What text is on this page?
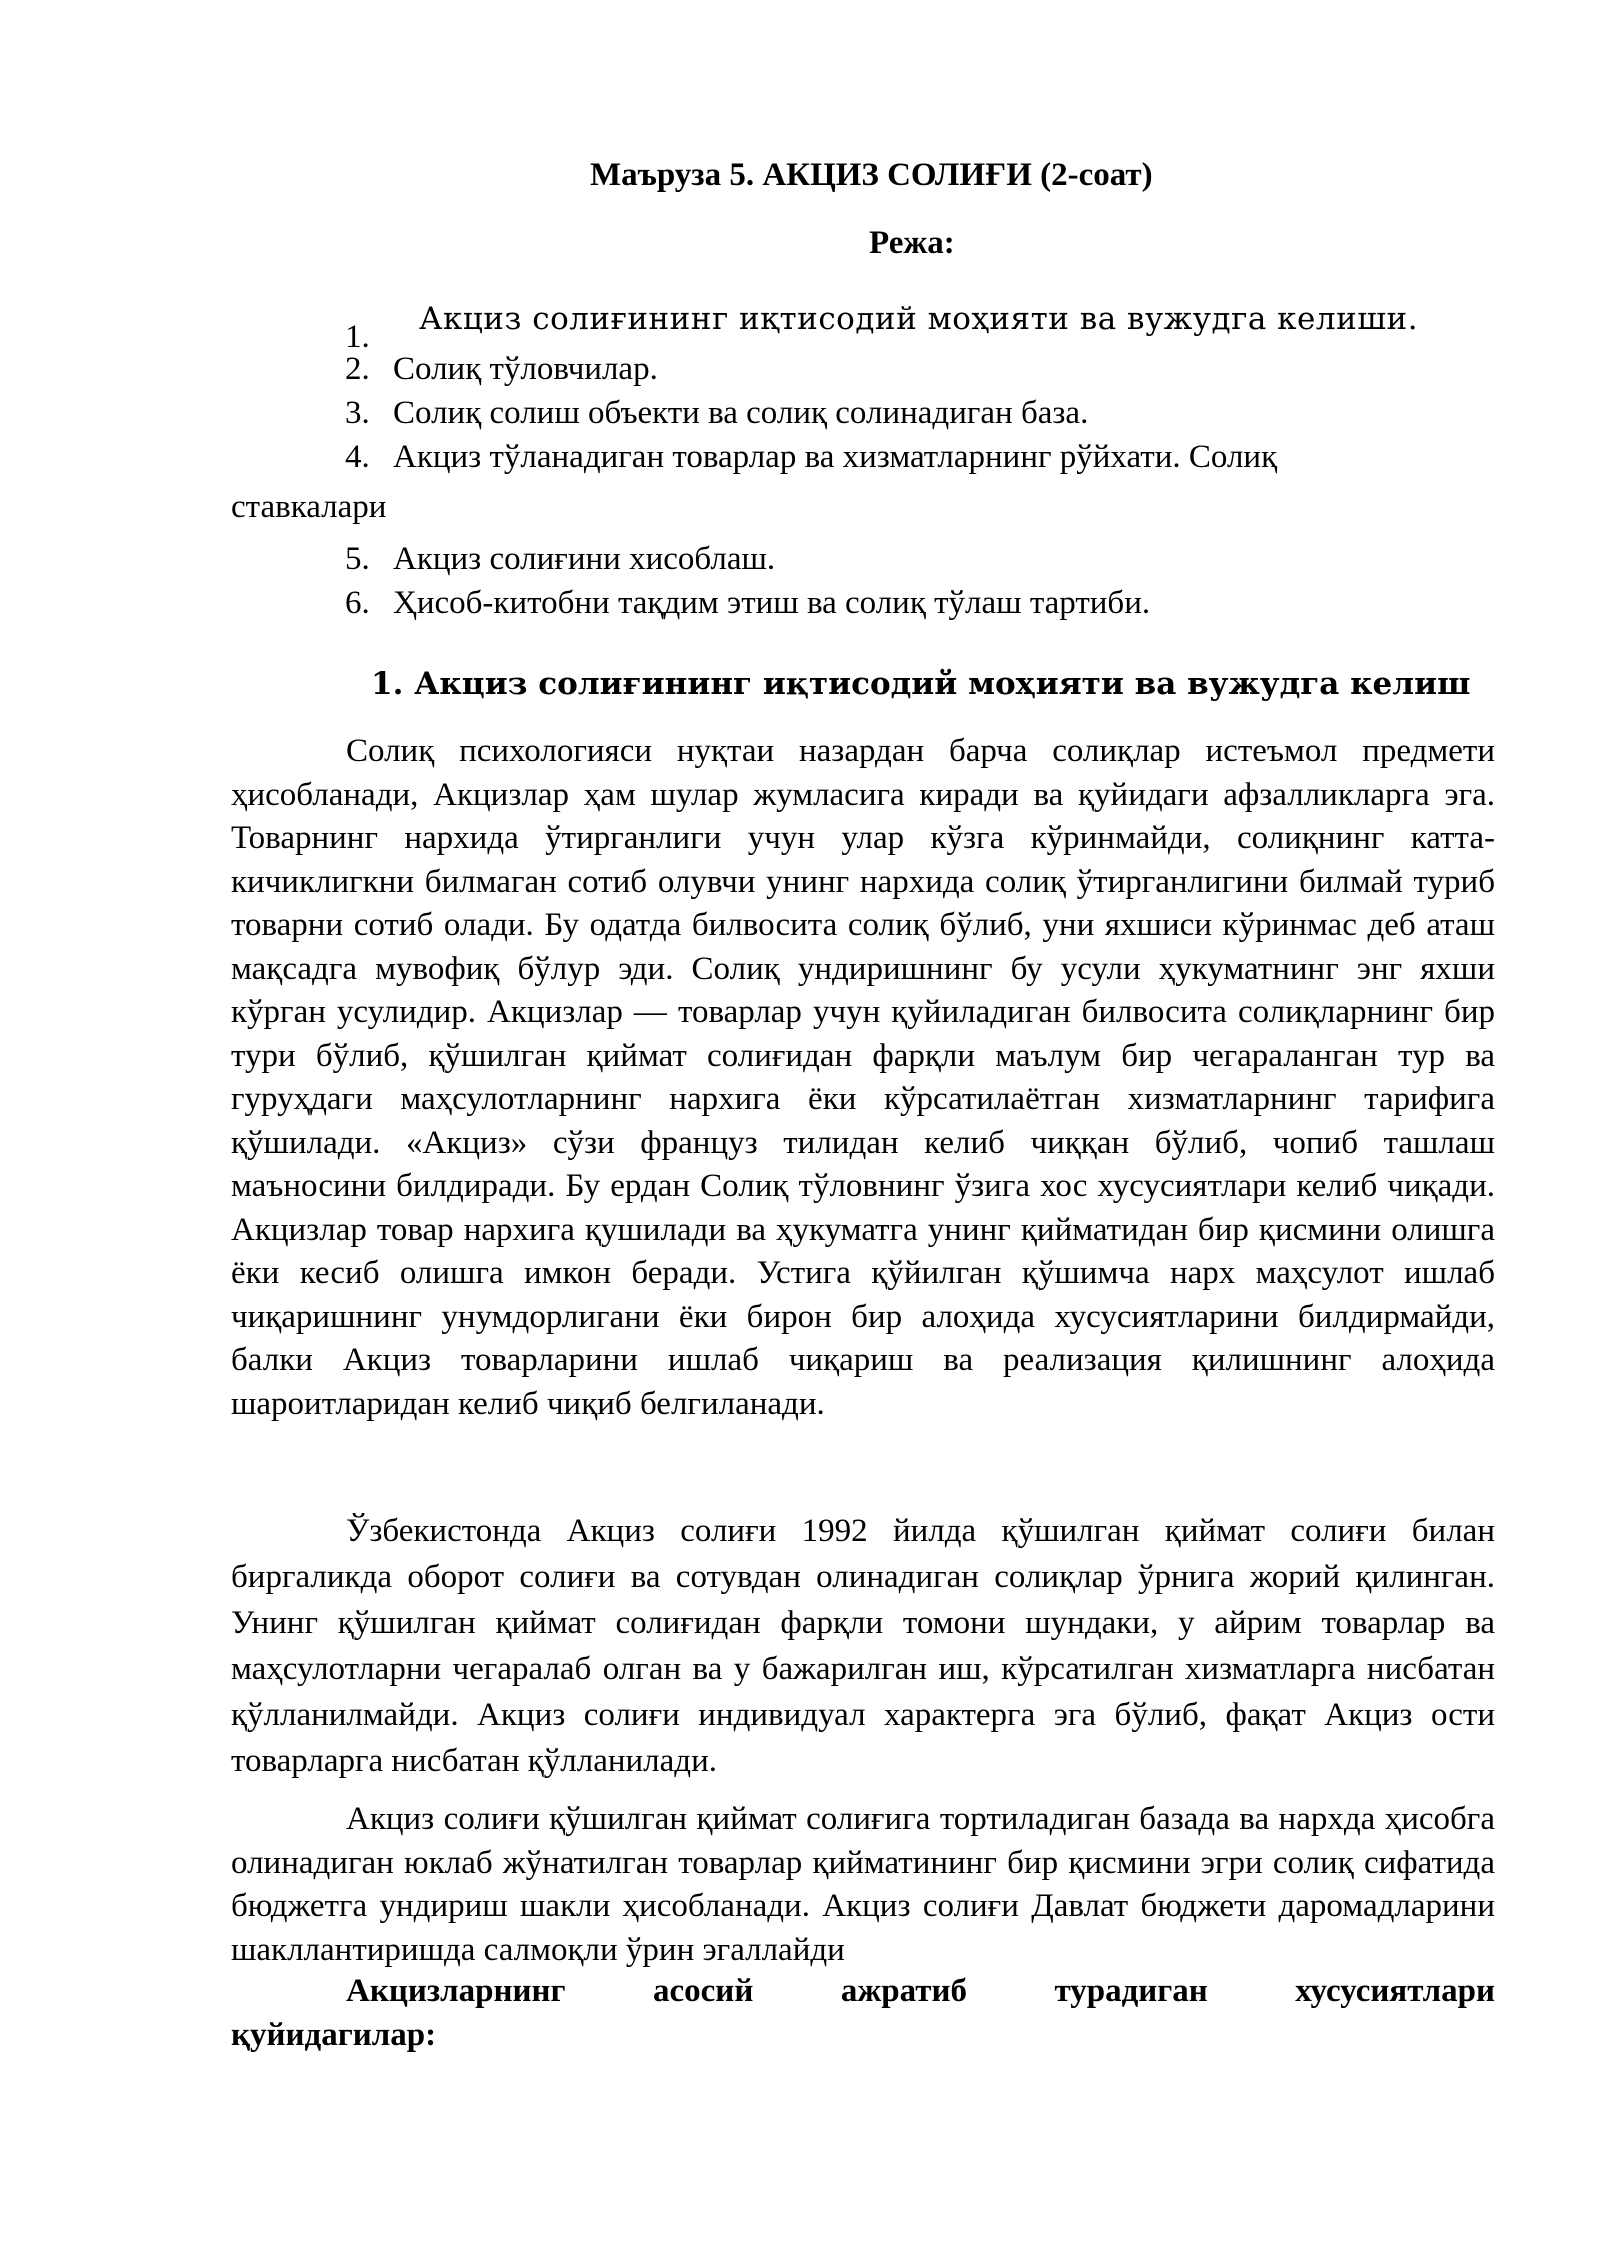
Маъруза 5. АКЦИЗ СОЛИҒИ (2-соат)
Режа:
1. Акциз солиғининг иқтисодий моҳияти ва вужудга келиши.
2. Солиқ тўловчилар.
3. Солиқ солиш объекти ва солиқ солинадиган база.
4. Акциз тўланадиган товарлар ва хизматларнинг рўйхати. Солиқ
ставкалари
5. Акциз солиғини хисоблаш.
6. Ҳисоб-китобни тақдим этиш ва солиқ тўлаш тартиби.
1. Акциз солиғининг иқтисодий моҳияти ва вужудга келиш

Солиқ психологияси нуқтаи назардан барча солиқлар истеъмол предмети ҳисобланади, Акцизлар ҳам шулар жумласига киради ва қуйидаги афзалликларга эга. Товарнинг нархида ўтирганлиги учун улар кўзга кўринмайди, солиқнинг катта-кичиклигкни билмаган сотиб олувчи унинг нархида солиқ ўтирганлигини билмай туриб товарни сотиб олади. Бу одатда билвосита солиқ бўлиб, уни яхшиси кўринмас деб аташ мақсадга мувофиқ бўлур эди. Солиқ ундиришнинг бу усули ҳукуматнинг энг яхши кўрган усулидир. Акцизлар — товарлар учун қуйиладиган билвосита солиқларнинг бир тури бўлиб, қўшилган қиймат солиғидан фарқли маълум бир чегараланган тур ва гуруҳдаги маҳсулотларнинг нархига ёки кўрсатилаётган хизматларнинг тарифига қўшилади. «Акциз» сўзи француз тилидан келиб чиққан бўлиб, чопиб ташлаш маъносини билдиради. Бу ердан Солиқ тўловнинг ўзига хос хусусиятлари келиб чиқади. Акцизлар товар нархига қушилади ва ҳукуматга унинг қийматидан бир қисмини олишга ёки кесиб олишга имкон беради. Устига қўйилган қўшимча нарх маҳсулот ишлаб чиқаришнинг унумдорлигани ёки бирон бир алоҳида хусусиятларини билдирмайди, балки Акциз товарларини ишлаб чиқариш ва реализация қилишнинг алоҳида шароитларидан келиб чиқиб белгиланади.

Ўзбекистонда Акциз солиғи 1992 йилда қўшилган қиймат солиғи билан биргаликда оборот солиғи ва сотувдан олинадиган солиқлар ўрнига жорий қилинган. Унинг қўшилган қиймат солиғидан фарқли томони шундаки, у айрим товарлар ва маҳсулотларни чегаралаб олган ва у бажарилган иш, кўрсатилган хизматларга нисбатан қўлланилмайди. Акциз солиғи индивидуал характерга эга бўлиб, фақат Акциз ости товарларга нисбатан қўлланилади.

Акциз солиғи қўшилган қиймат солиғига тортиладиган базада ва нархда ҳисобга олинадиган юклаб жўнатилган товарлар қийматининг бир қисмини эгри солиқ сифатида бюджетга ундириш шакли ҳисобланади. Акциз солиғи Давлат бюджети даромадларини шакллантиришда салмоқли ўрин эгаллайди

Акцизларнинг асосий ажратиб турадиган хусусиятлари
қуйидагилар:
